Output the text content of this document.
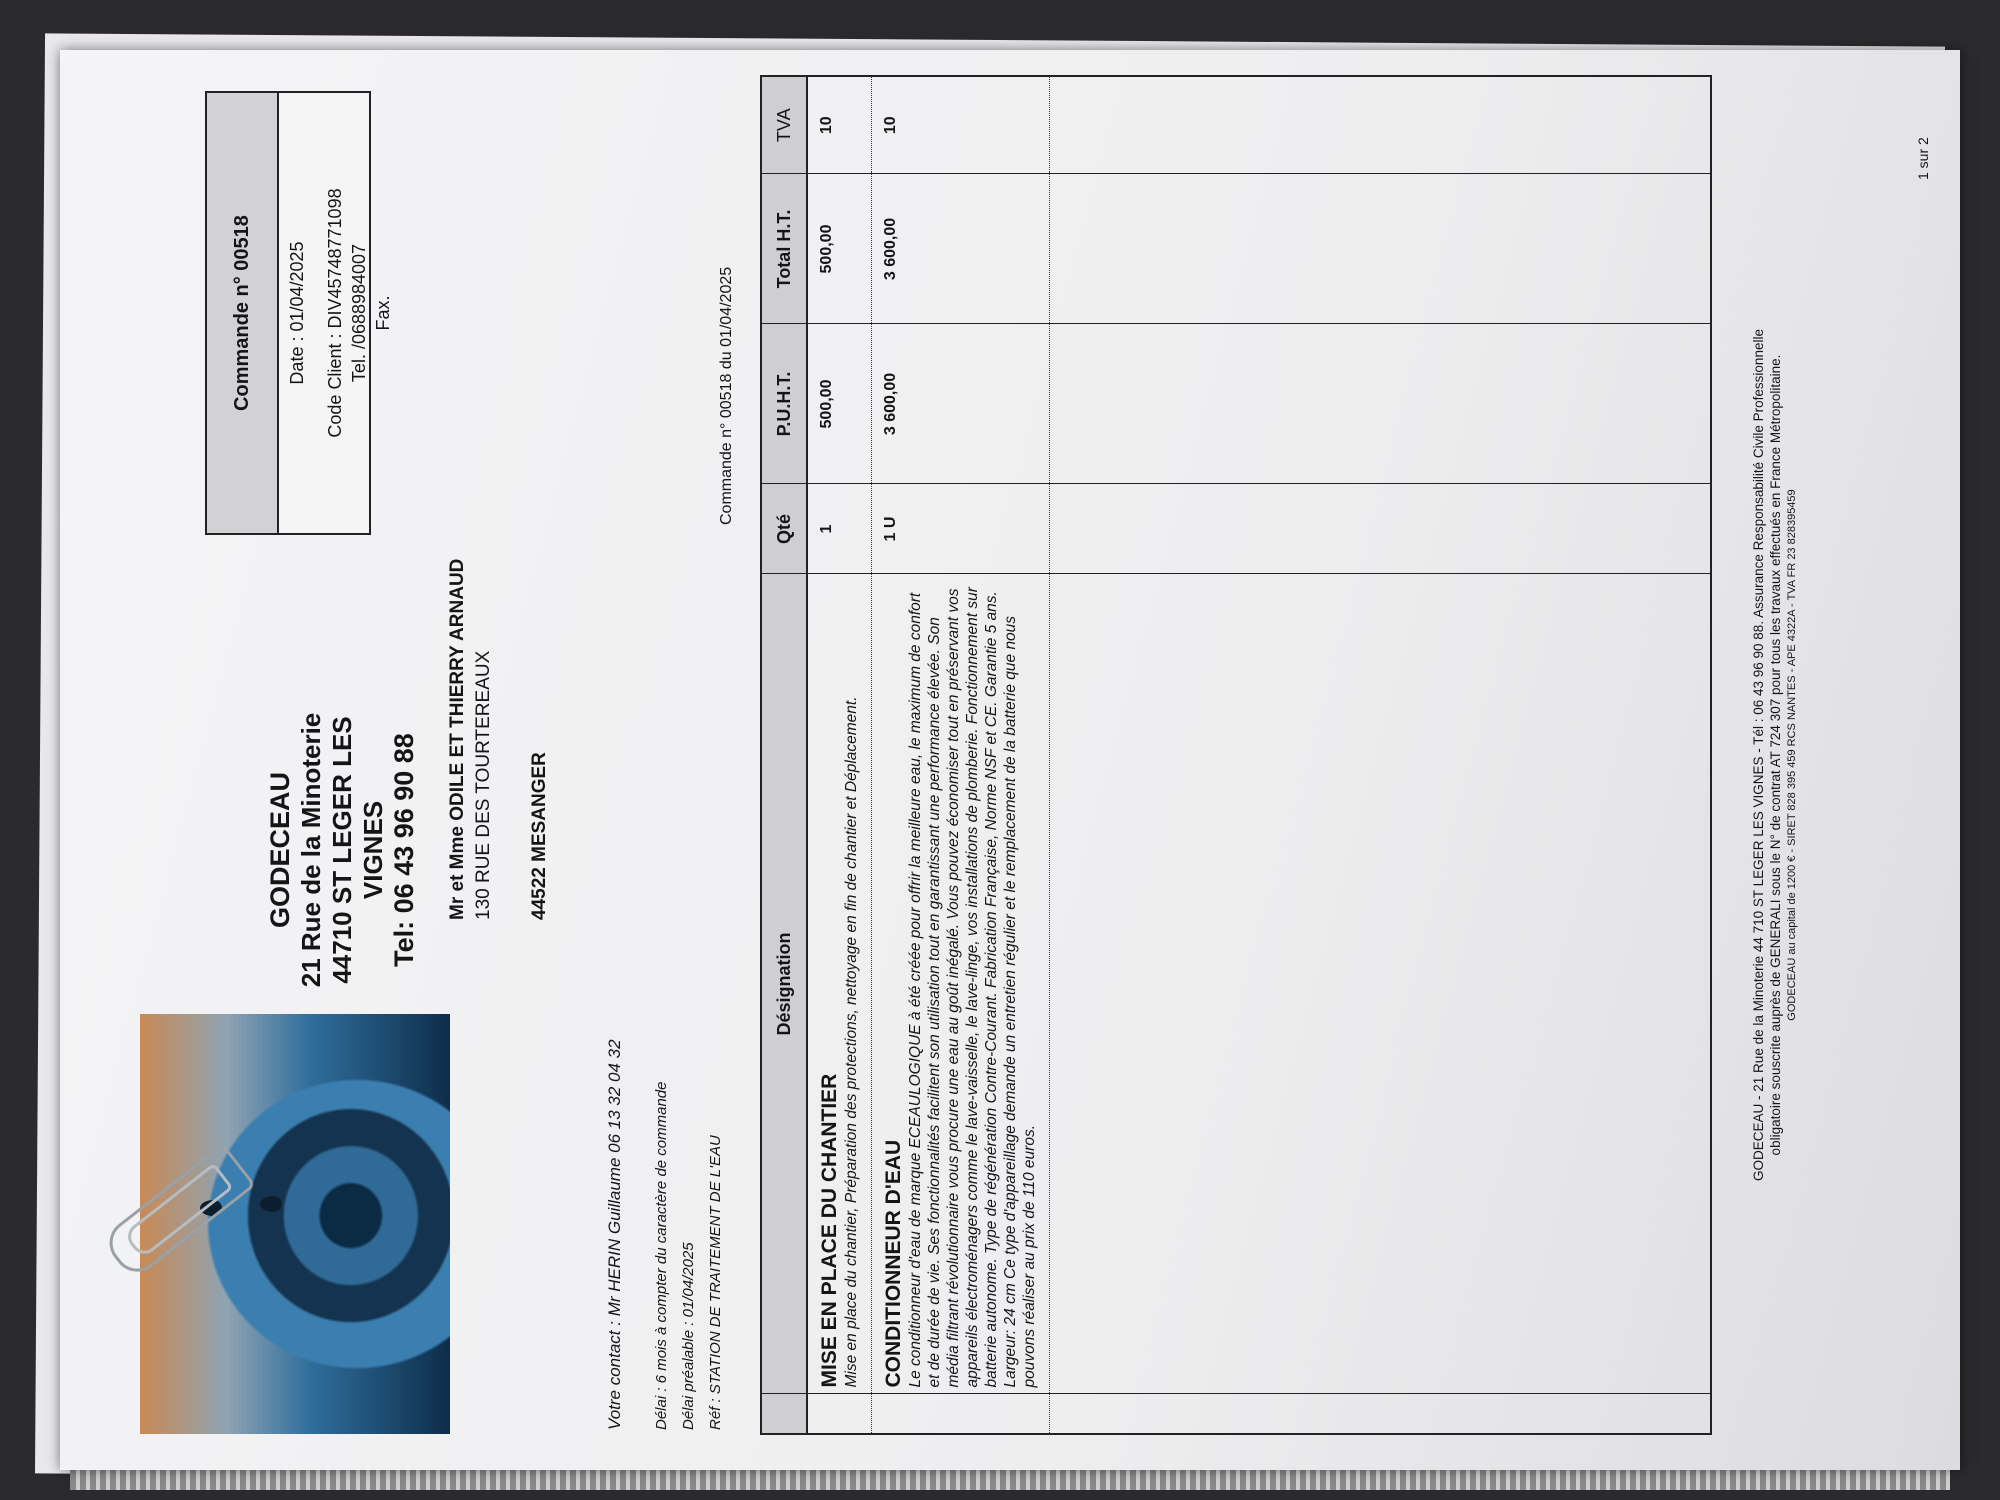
GODECEAU 21 Rue de la Minoterie 44710 ST LEGER LES VIGNES Tel: 06 43 96 90 88
Commande n° 00518	Date : 01/04/2025 Code Client : DIV45748771098 Tel. /0688984007 Fax.
Votre contact : Mr HERIN Guillaume 06 13 32 04 32	Délai : 6 mois à compter du caractère de commande Délai préalable : 01/04/2025 Réf : STATION DE TRAITEMENT DE L'EAU
Mr et Mme ODILE ET THIERRY ARNAUD 130 RUE DES TOURTEREAUX 44522 MESANGER
Commande n° 00518 du 01/04/2025
	Désignation	Qté	P.U.H.T.	Total H.T.	TVA

	MISE EN PLACE DU CHANTIER Mise en place du chantier, Préparation des protections, nettoyage en fin de chantier et Déplacement.	1	500,00	500,00	10

	CONDITIONNEUR D'EAU Le conditionneur d'eau de marque ECEAULOGIQUE à été créée pour offrir la meilleure eau, le maximum de confort et de durée de vie. Ses fonctionnalités facilitent son utilisation tout en garantissant une performance élevée. Son média filtrant révolutionnaire vous procure une eau au goût inégalé. Vous pouvez économiser tout en préservant vos appareils électroménagers comme le lave-vaisselle, le lave-linge, vos installations de plomberie. Fonctionnement sur batterie autonome. Type de régénération Contre-Courant. Fabrication Française, Norme NSF et CE. Garantie 5 ans. Largeur: 24 cm Ce type d'appareillage demande un entretien régulier et le remplacement de la batterie que nous pouvons réaliser au prix de 110 euros.	1 U	3 600,00	3 600,00	10

GODECEAU - 21 Rue de la Minoterie 44 710 ST LEGER LES VIGNES - Tél : 06 43 96 90 88. Assurance Responsabilité Civile Professionnelle obligatoire souscrite auprès de GENERALI sous le N° de contrat AT 724 307 pour tous les travaux effectués en France Métropolitaine. GODECEAU au capital de 1200 € - SIRET 828 395 459 RCS NANTES - APE 4322A - TVA FR 23 828395459
1 sur 2
